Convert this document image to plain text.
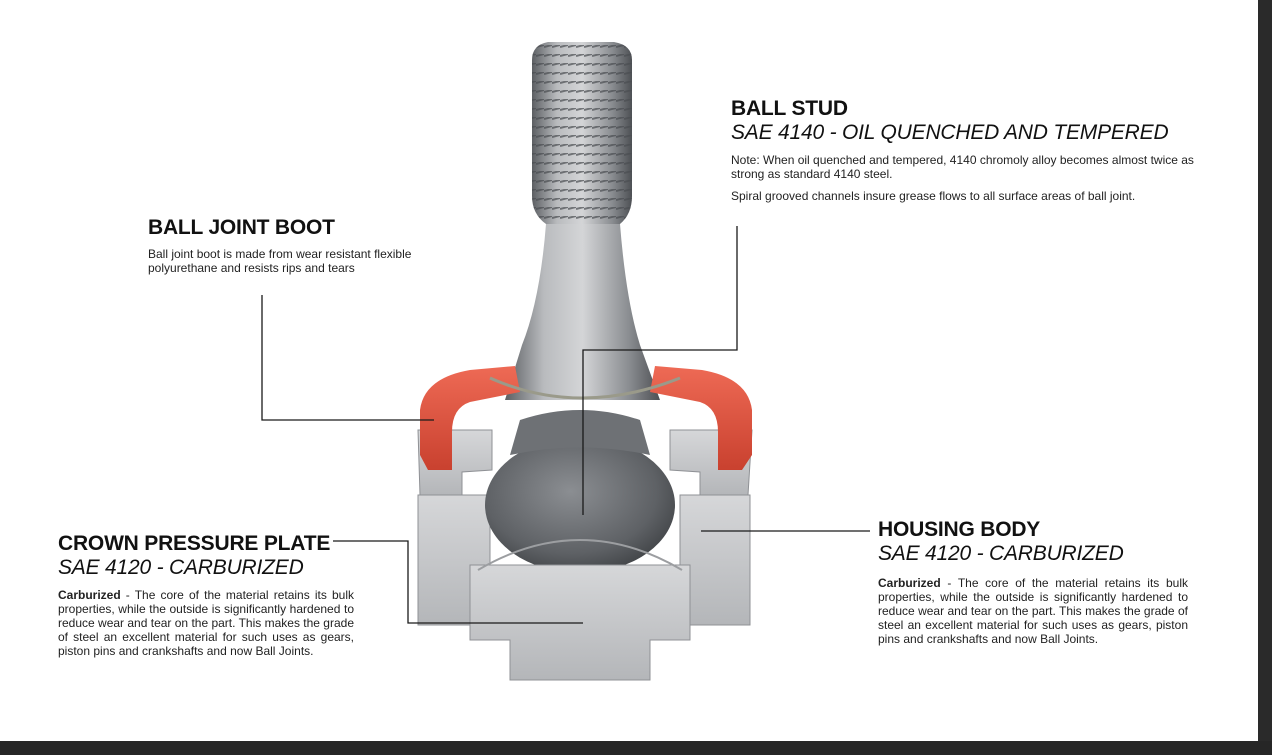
BALL STUD
SAE 4140 - OIL QUENCHED AND TEMPERED
Note: When oil quenched and tempered, 4140 chromoly alloy becomes almost twice as strong as standard 4140 steel.
Spiral grooved channels insure grease flows to all surface areas of ball joint.
BALL JOINT BOOT
Ball joint boot is made from wear resistant flexible polyurethane and resists rips and tears
CROWN PRESSURE PLATE
SAE 4120 - CARBURIZED
Carburized - The core of the material retains its bulk properties, while the outside is significantly hardened to reduce wear and tear on the part. This makes the grade of steel an excellent material for such uses as gears, piston pins and crankshafts and now Ball Joints.
HOUSING BODY
SAE 4120 - CARBURIZED
Carburized - The core of the material retains its bulk properties, while the outside is significantly hardened to reduce wear and tear on the part. This makes the grade of steel an excellent material for such uses as gears, piston pins and crankshafts and now Ball Joints.
